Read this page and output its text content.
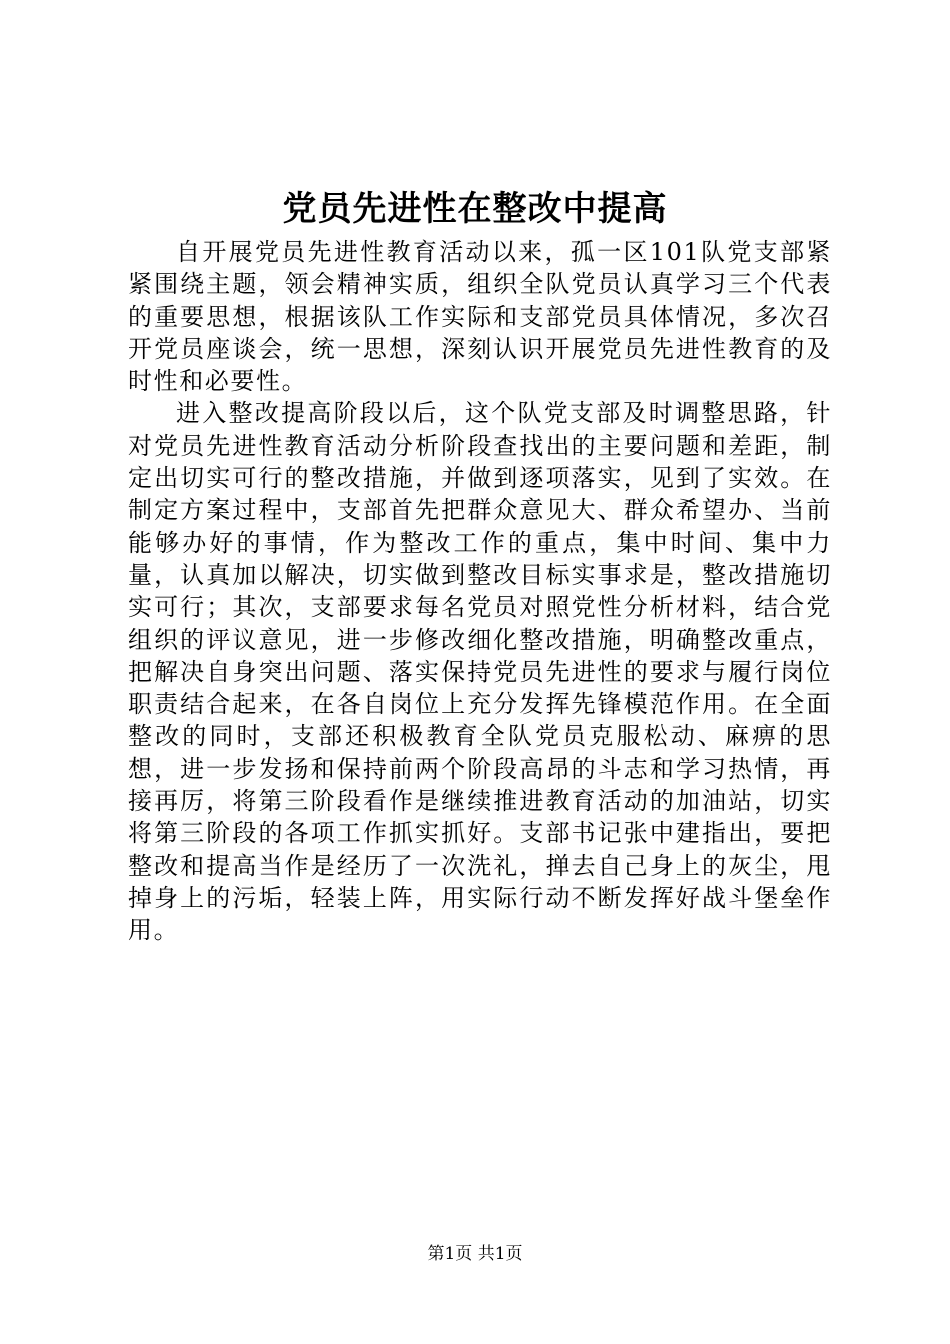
党员先进性在整改中提高

自开展党员先进性教育活动以来，孤一区101队党支部紧紧围绕主题，领会精神实质，组织全队党员认真学习三个代表的重要思想，根据该队工作实际和支部党员具体情况，多次召开党员座谈会，统一思想，深刻认识开展党员先进性教育的及时性和必要性。

进入整改提高阶段以后，这个队党支部及时调整思路，针对党员先进性教育活动分析阶段查找出的主要问题和差距，制定出切实可行的整改措施，并做到逐项落实，见到了实效。在制定方案过程中，支部首先把群众意见大、群众希望办、当前能够办好的事情，作为整改工作的重点，集中时间、集中力量，认真加以解决，切实做到整改目标实事求是，整改措施切实可行；其次，支部要求每名党员对照党性分析材料，结合党组织的评议意见，进一步修改细化整改措施，明确整改重点，把解决自身突出问题、落实保持党员先进性的要求与履行岗位职责结合起来，在各自岗位上充分发挥先锋模范作用。在全面整改的同时，支部还积极教育全队党员克服松动、麻痹的思想，进一步发扬和保持前两个阶段高昂的斗志和学习热情，再接再厉，将第三阶段看作是继续推进教育活动的加油站，切实将第三阶段的各项工作抓实抓好。支部书记张中建指出，要把整改和提高当作是经历了一次洗礼，掸去自己身上的灰尘，甩掉身上的污垢，轻装上阵，用实际行动不断发挥好战斗堡垒作用。

第1页 共1页
